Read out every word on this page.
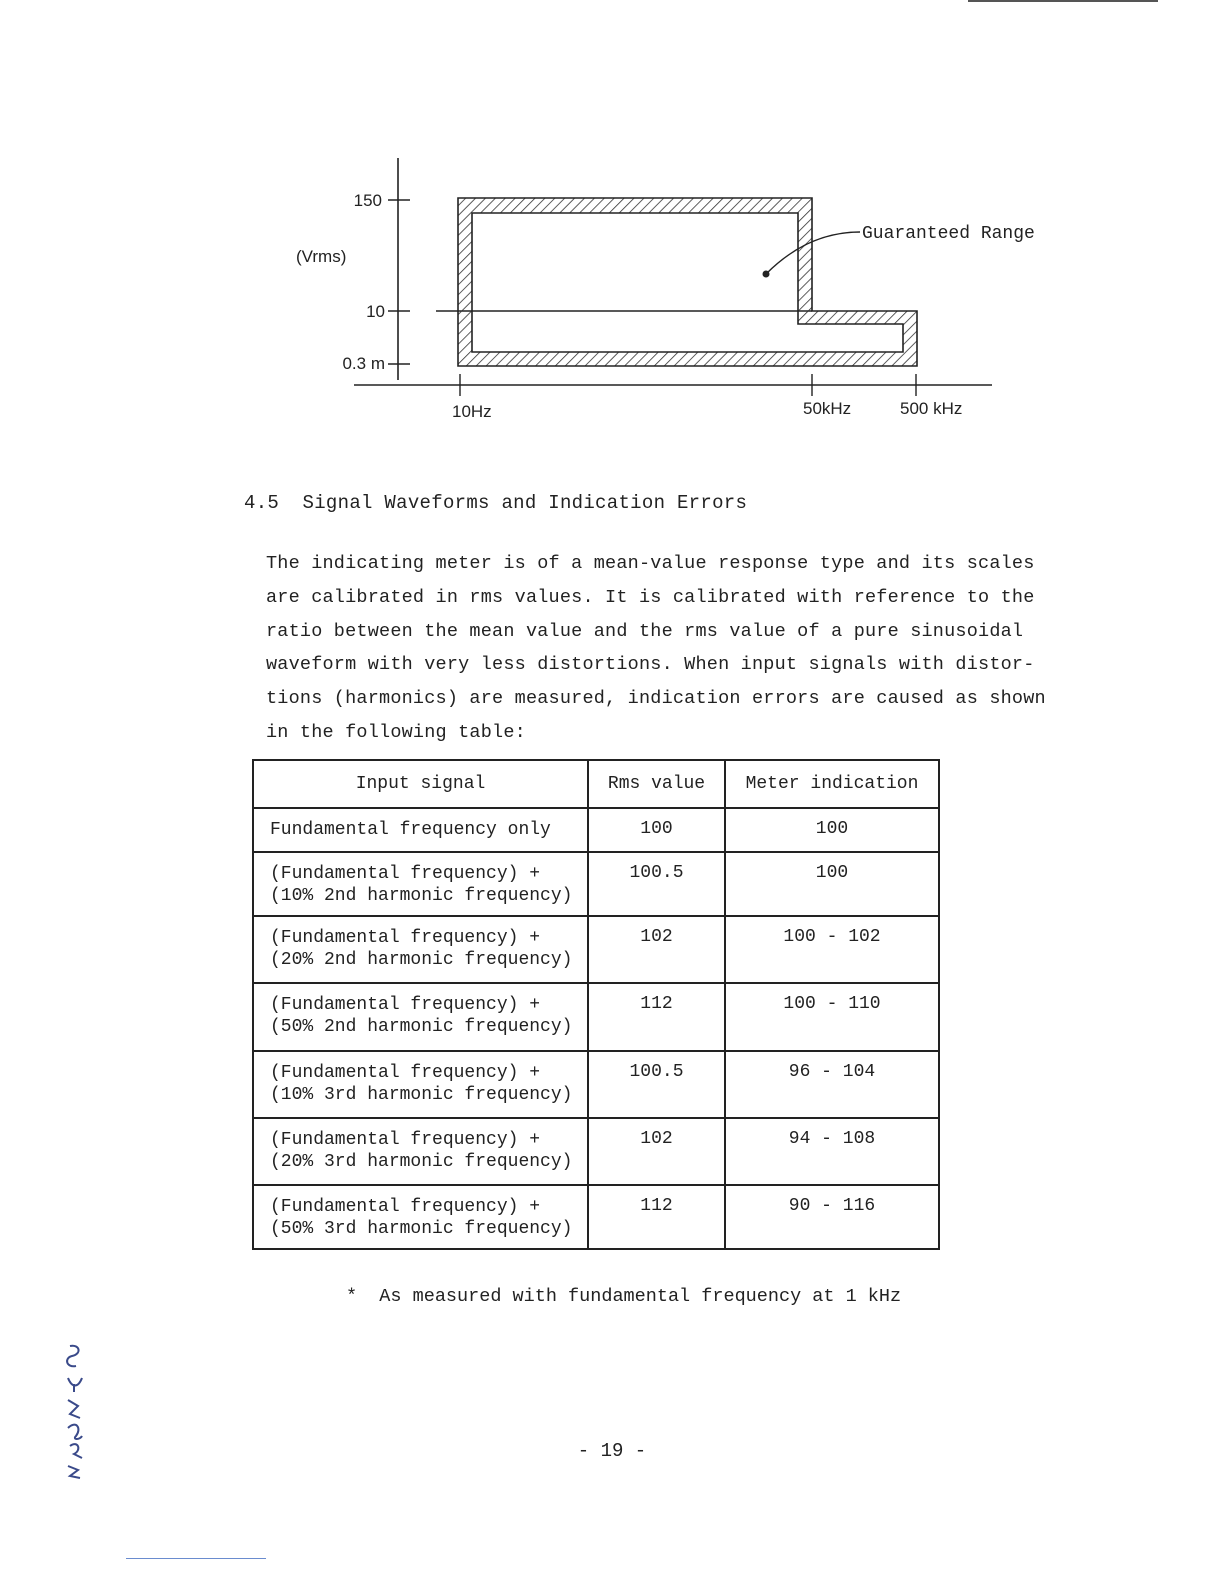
150
10
0.3 m
(Vrms)
10Hz	50kHz	500 kHz
Guaranteed Range
4.5 Signal Waveforms and Indication Errors
The indicating meter is of a mean-value response type and its scales
are calibrated in rms values. It is calibrated with reference to the
ratio between the mean value and the rms value of a pure sinusoidal
waveform with very less distortions. When input signals with distor-
tions (harmonics) are measured, indication errors are caused as shown
in the following table:
Input signal	Rms value	Meter indication

Fundamental frequency only	100	100

(Fundamental frequency) +
(10% 2nd harmonic frequency)	100.5	100

(Fundamental frequency) +
(20% 2nd harmonic frequency)	102	100 - 102

(Fundamental frequency) +
(50% 2nd harmonic frequency)	112	100 - 110

(Fundamental frequency) +
(10% 3rd harmonic frequency)	100.5	96 - 104

(Fundamental frequency) +
(20% 3rd harmonic frequency)	102	94 - 108

(Fundamental frequency) +
(50% 3rd harmonic frequency)	112	90 - 116
*  As measured with fundamental frequency at 1 kHz
- 19 -
